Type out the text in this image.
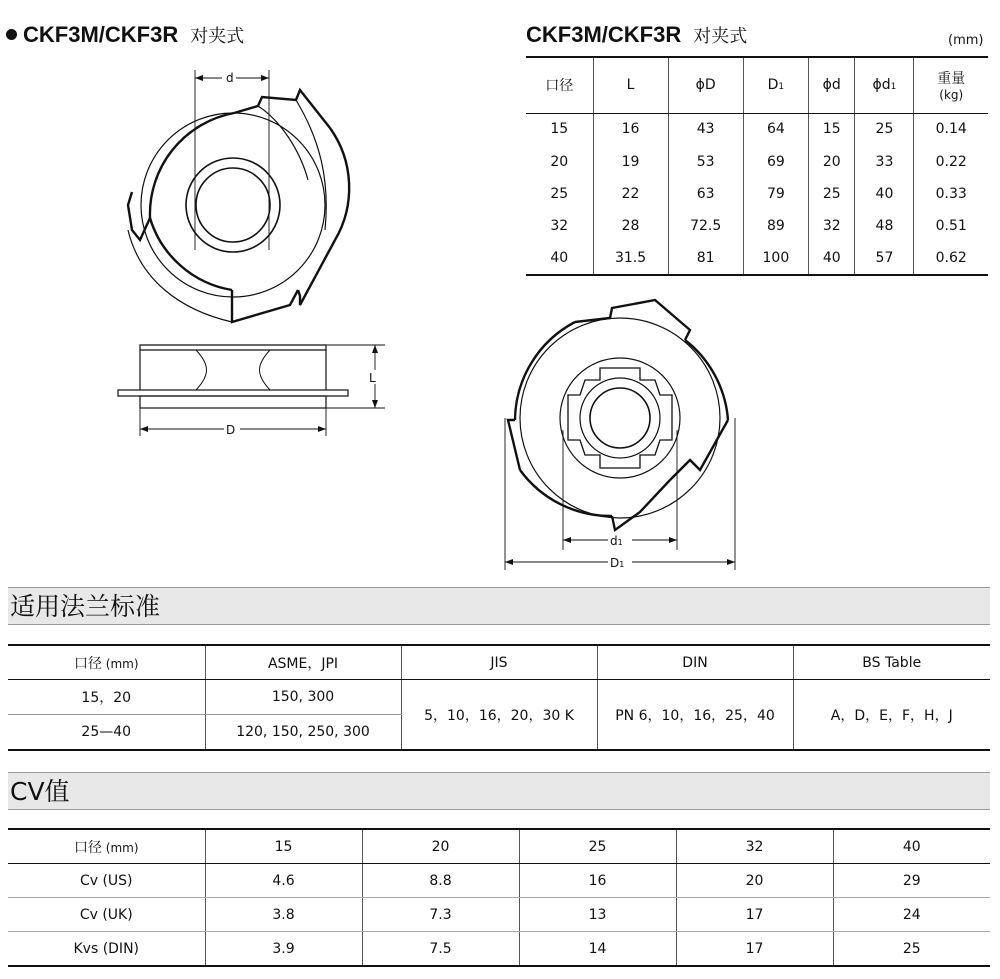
CKF3M/CKF3R 对夹式	CKF3M/CKF3R 对夹式	(mm)
口径	L	ϕD	D1	ϕd	ϕd1	重量
(kg)

15	16	43	64	15	25	0.14
20	19	53	69	20	33	0.22
25	22	63	79	25	40	0.33
32	28	72.5	89	32	48	0.51
40	31.5	81	100	40	57	0.62
d
D
L
d1
D1
适用法兰标准
口径 (mm)	ASME，JPI	JIS	DIN	BS Table
15，20	150, 300	5，10，16，20，30 K	PN 6，10，16，25，40	A，D，E，F，H，J
25—40	120, 150, 250, 300			
CV值
口径 (mm)	15	20	25	32	40
Cv (US)	4.6	8.8	16	20	29
Cv (UK)	3.8	7.3	13	17	24
Kvs (DIN)	3.9	7.5	14	17	25
